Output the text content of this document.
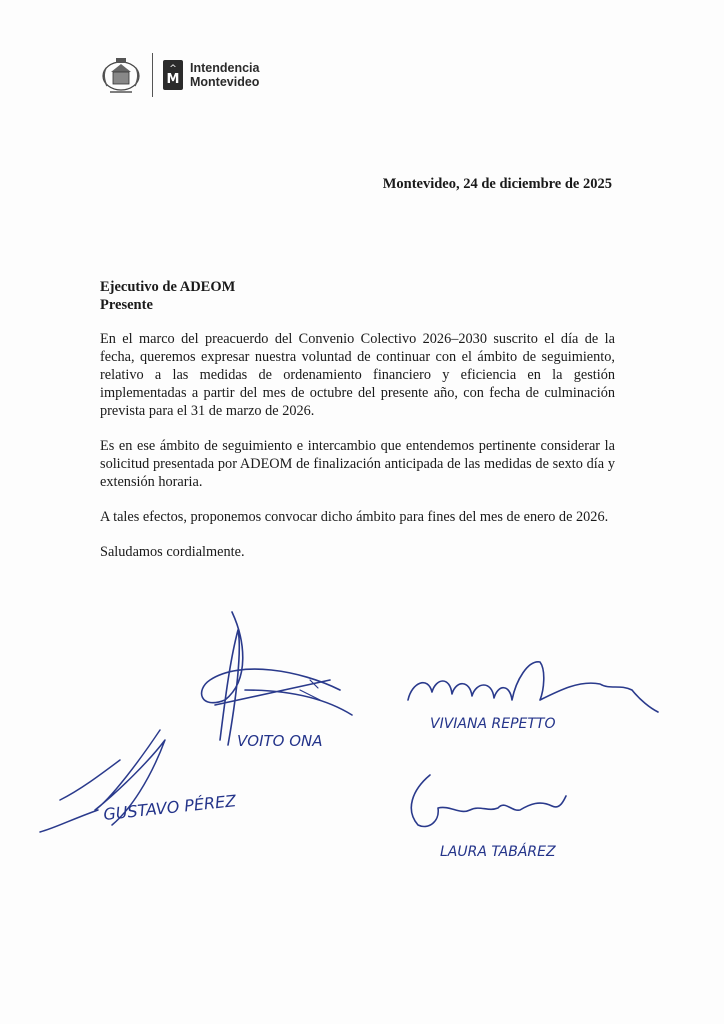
^
M
Intendencia
Montevideo
Montevideo, 24 de diciembre de 2025
Ejecutivo de ADEOM
Presente

En el marco del preacuerdo del Convenio Colectivo 2026–2030 suscrito el día de la fecha, queremos expresar nuestra voluntad de continuar con el ámbito de seguimiento, relativo a las medidas de ordenamiento financiero y eficiencia en la gestión implementadas a partir del mes de octubre del presente año, con fecha de culminación prevista para el 31 de marzo de 2026.

Es en ese ámbito de seguimiento e intercambio que entendemos pertinente considerar la solicitud presentada por ADEOM de finalización anticipada de las medidas de sexto día y extensión horaria.

A tales efectos, proponemos convocar dicho ámbito para fines del mes de enero de 2026.

Saludamos cordialmente.

VOITO ONA
GUSTAVO PÉREZ
VIVIANA REPETTO
LAURA TABÁREZ
